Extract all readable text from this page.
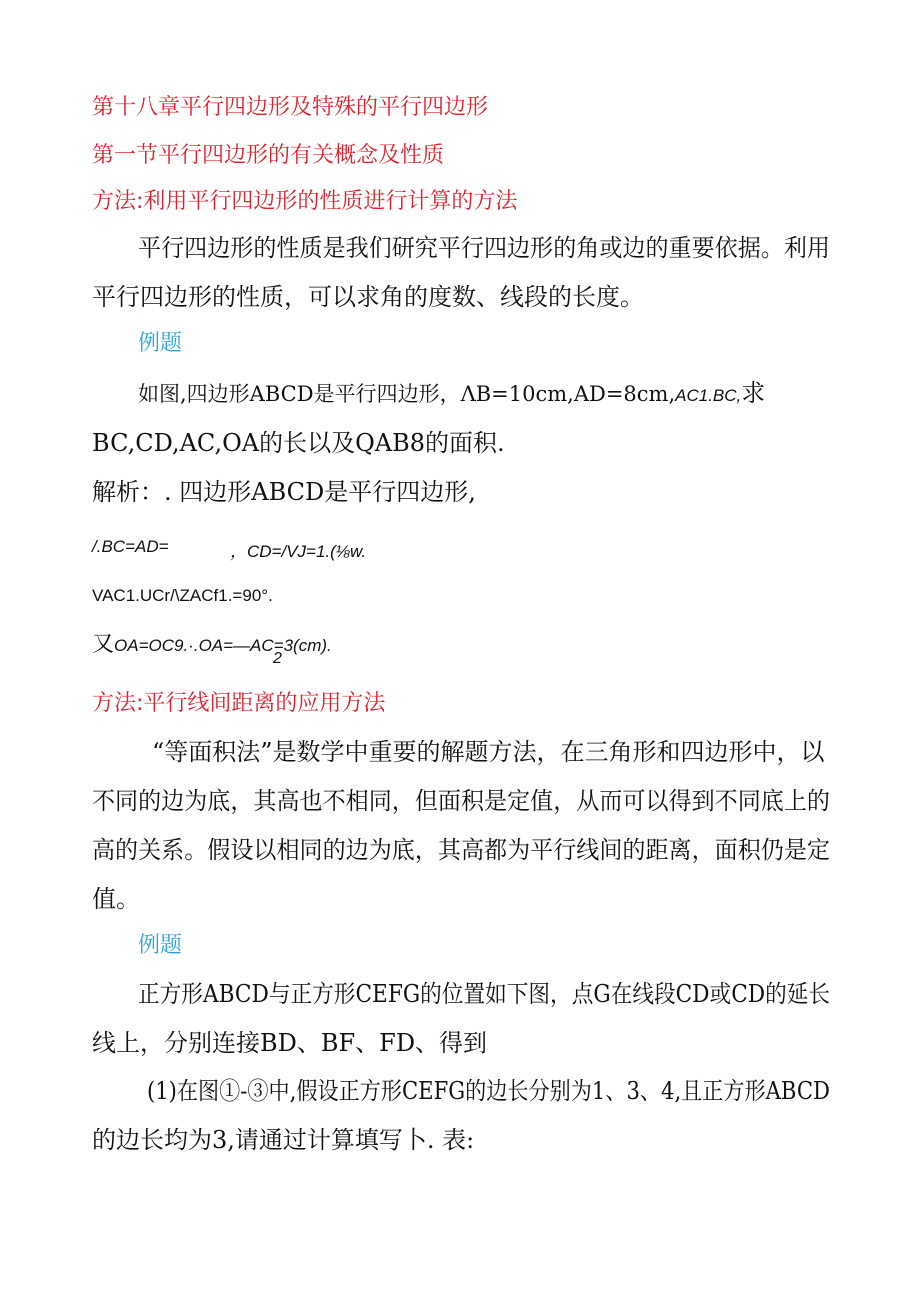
第十八章平行四边形及特殊的平行四边形
第一节平行四边形的有关概念及性质
方法:利用平行四边形的性质进行计算的方法
平行四边形的性质是我们研究平行四边形的角或边的重要依据。利用
平行四边形的性质，可以求角的度数、线段的长度。
例题
如图,四边形ABCD是平行四边形，ΛB=10cm,AD=8cm,AC1.BC,求
BC,CD,AC,OA的长以及QAB8的面积.
解析：. 四边形ABCD是平行四边形,
/.BC=AD=	，CD=/VJ=1.(⅛w.
VAC1.UCr/\ZACf1.=90°.
又OA=OC9.·.OA=—AC=3(cm).
2
方法:平行线间距离的应用方法
“等面积法”是数学中重要的解题方法，在三角形和四边形中，以
不同的边为底，其高也不相同，但面积是定值，从而可以得到不同底上的
高的关系。假设以相同的边为底，其高都为平行线间的距离，面积仍是定
值。
例题
正方形ABCD与正方形CEFG的位置如下图，点G在线段CD或CD的延长
线上，分别连接BD、BF、FD、得到
(1)在图①-③中,假设正方形CEFG的边长分别为1、3、4,且正方形ABCD
的边长均为3,请通过计算填写卜. 表:
